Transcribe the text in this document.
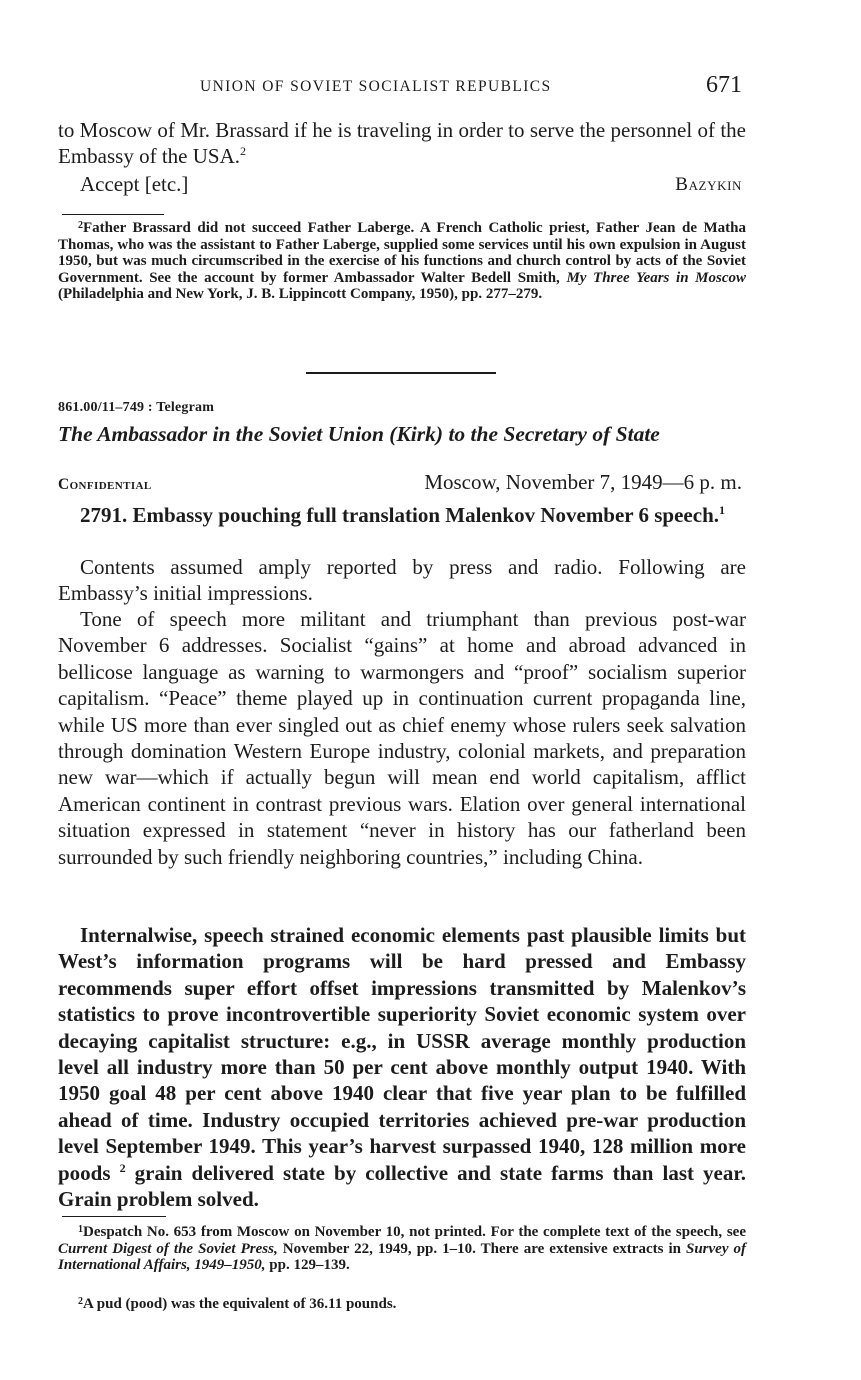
UNION OF SOVIET SOCIALIST REPUBLICS	671

to Moscow of Mr. Brassard if he is traveling in order to serve the personnel of the Embassy of the USA.$^2$

Accept [etc.]	Bazykin

$^2$Father Brassard did not succeed Father Laberge. A French Catholic priest, Father Jean de Matha Thomas, who was the assistant to Father Laberge, supplied some services until his own expulsion in August 1950, but was much circumscribed in the exercise of his functions and church control by acts of the Soviet Government. See the account by former Ambassador Walter Bedell Smith, My Three Years in Moscow (Philadelphia and New York, J. B. Lippincott Company, 1950), pp. 277–279.

861.00/11–749 : Telegram
The Ambassador in the Soviet Union (Kirk) to the Secretary of State
Confidential	Moscow, November 7, 1949—6 p. m.

2791. Embassy pouching full translation Malenkov November 6 speech.$^1$

Contents assumed amply reported by press and radio. Following are Embassy’s initial impressions.

Tone of speech more militant and triumphant than previous post-war November 6 addresses. Socialist “gains” at home and abroad advanced in bellicose language as warning to warmongers and “proof” socialism superior capitalism. “Peace” theme played up in continuation current propaganda line, while US more than ever singled out as chief enemy whose rulers seek salvation through domination Western Europe industry, colonial markets, and preparation new war—which if actually begun will mean end world capitalism, afflict American continent in contrast previous wars. Elation over general international situation expressed in statement “never in history has our fatherland been surrounded by such friendly neighboring countries,” including China.

Internalwise, speech strained economic elements past plausible limits but West’s information programs will be hard pressed and Embassy recommends super effort offset impressions transmitted by Malenkov’s statistics to prove incontrovertible superiority Soviet economic system over decaying capitalist structure: e.g., in USSR average monthly production level all industry more than 50 per cent above monthly output 1940. With 1950 goal 48 per cent above 1940 clear that five year plan to be fulfilled ahead of time. Industry occupied territories achieved pre-war production level September 1949. This year’s harvest surpassed 1940, 128 million more poods $^2$ grain delivered state by collective and state farms than last year. Grain problem solved.

$^1$Despatch No. 653 from Moscow on November 10, not printed. For the complete text of the speech, see Current Digest of the Soviet Press, November 22, 1949, pp. 1–10. There are extensive extracts in Survey of International Affairs, 1949–1950, pp. 129–139.

$^2$A pud (pood) was the equivalent of 36.11 pounds.
